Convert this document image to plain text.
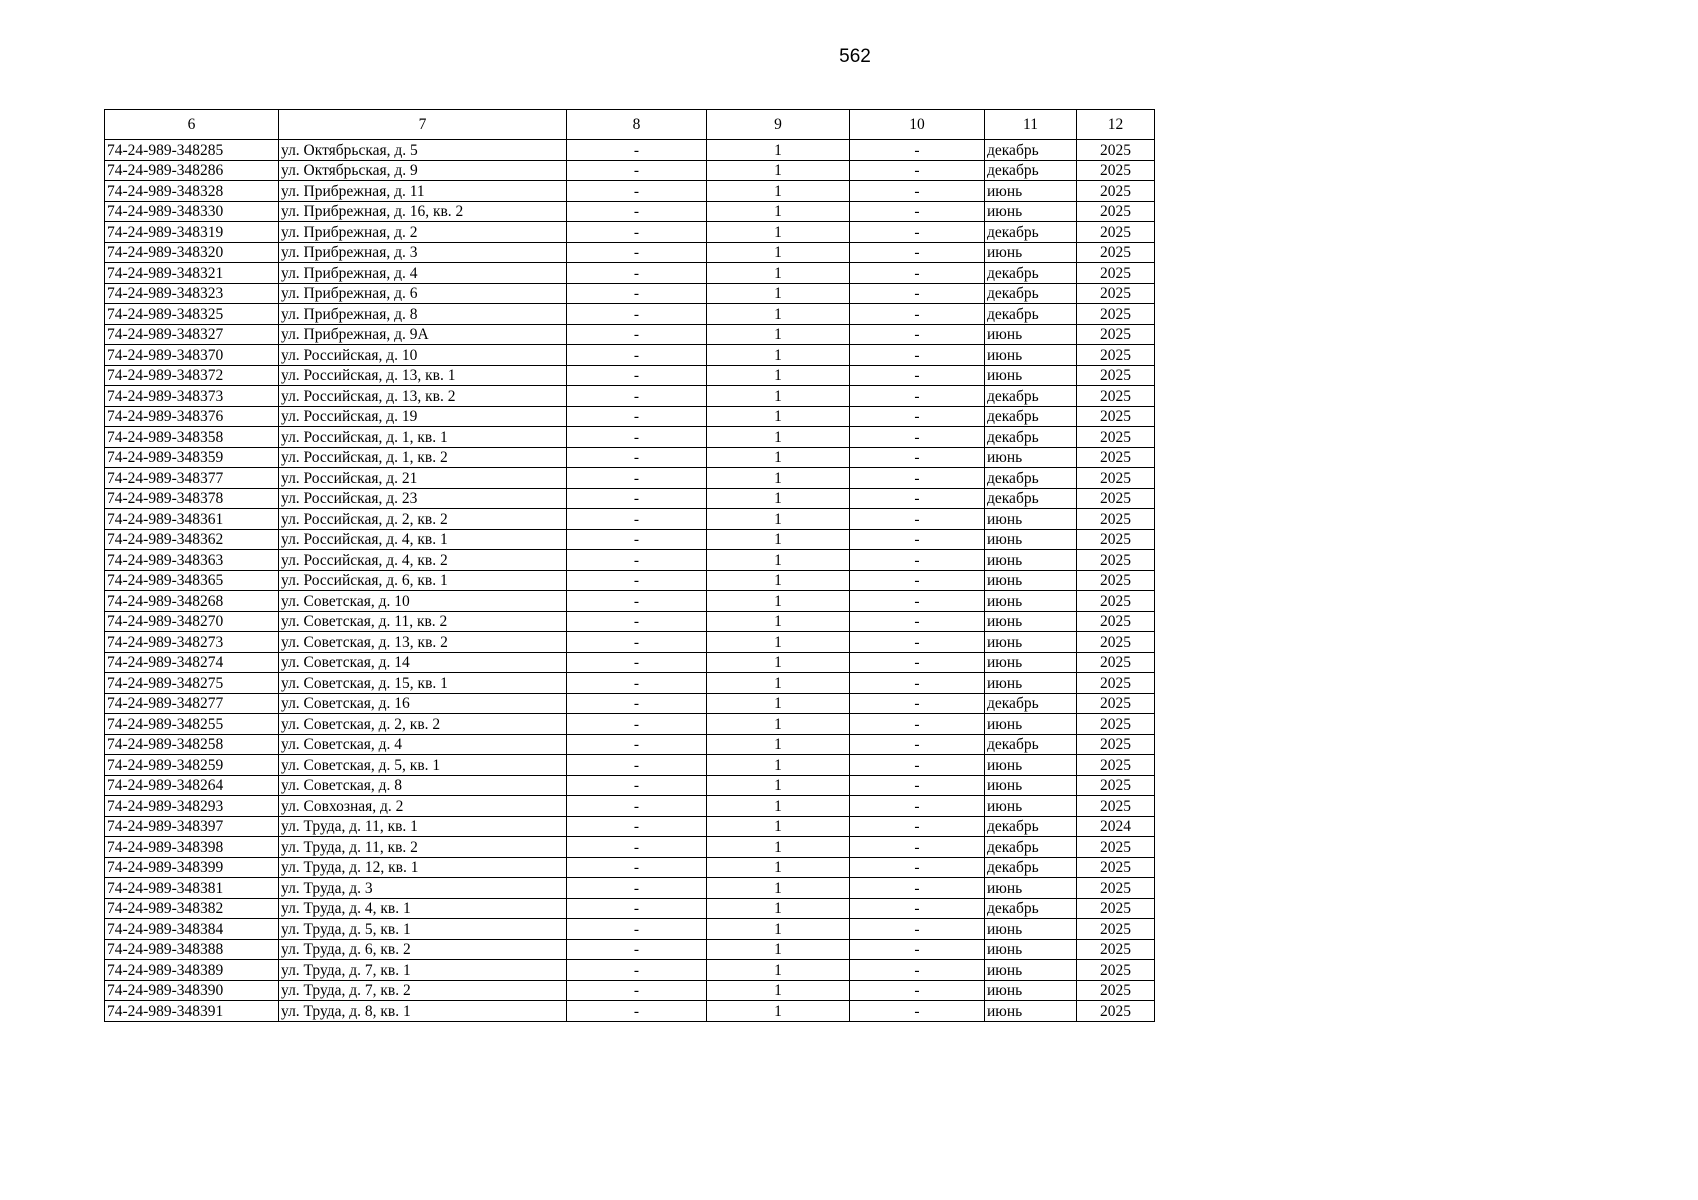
562
6	7	8	9	10	11	12
74-24-989-348285	ул. Октябрьская, д. 5	-	1	-	декабрь	2025
74-24-989-348286	ул. Октябрьская, д. 9	-	1	-	декабрь	2025
74-24-989-348328	ул. Прибрежная, д. 11	-	1	-	июнь	2025
74-24-989-348330	ул. Прибрежная, д. 16, кв. 2	-	1	-	июнь	2025
74-24-989-348319	ул. Прибрежная, д. 2	-	1	-	декабрь	2025
74-24-989-348320	ул. Прибрежная, д. 3	-	1	-	июнь	2025
74-24-989-348321	ул. Прибрежная, д. 4	-	1	-	декабрь	2025
74-24-989-348323	ул. Прибрежная, д. 6	-	1	-	декабрь	2025
74-24-989-348325	ул. Прибрежная, д. 8	-	1	-	декабрь	2025
74-24-989-348327	ул. Прибрежная, д. 9А	-	1	-	июнь	2025
74-24-989-348370	ул. Российская, д. 10	-	1	-	июнь	2025
74-24-989-348372	ул. Российская, д. 13, кв. 1	-	1	-	июнь	2025
74-24-989-348373	ул. Российская, д. 13, кв. 2	-	1	-	декабрь	2025
74-24-989-348376	ул. Российская, д. 19	-	1	-	декабрь	2025
74-24-989-348358	ул. Российская, д. 1, кв. 1	-	1	-	декабрь	2025
74-24-989-348359	ул. Российская, д. 1, кв. 2	-	1	-	июнь	2025
74-24-989-348377	ул. Российская, д. 21	-	1	-	декабрь	2025
74-24-989-348378	ул. Российская, д. 23	-	1	-	декабрь	2025
74-24-989-348361	ул. Российская, д. 2, кв. 2	-	1	-	июнь	2025
74-24-989-348362	ул. Российская, д. 4, кв. 1	-	1	-	июнь	2025
74-24-989-348363	ул. Российская, д. 4, кв. 2	-	1	-	июнь	2025
74-24-989-348365	ул. Российская, д. 6, кв. 1	-	1	-	июнь	2025
74-24-989-348268	ул. Советская, д. 10	-	1	-	июнь	2025
74-24-989-348270	ул. Советская, д. 11, кв. 2	-	1	-	июнь	2025
74-24-989-348273	ул. Советская, д. 13, кв. 2	-	1	-	июнь	2025
74-24-989-348274	ул. Советская, д. 14	-	1	-	июнь	2025
74-24-989-348275	ул. Советская, д. 15, кв. 1	-	1	-	июнь	2025
74-24-989-348277	ул. Советская, д. 16	-	1	-	декабрь	2025
74-24-989-348255	ул. Советская, д. 2, кв. 2	-	1	-	июнь	2025
74-24-989-348258	ул. Советская, д. 4	-	1	-	декабрь	2025
74-24-989-348259	ул. Советская, д. 5, кв. 1	-	1	-	июнь	2025
74-24-989-348264	ул. Советская, д. 8	-	1	-	июнь	2025
74-24-989-348293	ул. Совхозная, д. 2	-	1	-	июнь	2025
74-24-989-348397	ул. Труда, д. 11, кв. 1	-	1	-	декабрь	2024
74-24-989-348398	ул. Труда, д. 11, кв. 2	-	1	-	декабрь	2025
74-24-989-348399	ул. Труда, д. 12, кв. 1	-	1	-	декабрь	2025
74-24-989-348381	ул. Труда, д. 3	-	1	-	июнь	2025
74-24-989-348382	ул. Труда, д. 4, кв. 1	-	1	-	декабрь	2025
74-24-989-348384	ул. Труда, д. 5, кв. 1	-	1	-	июнь	2025
74-24-989-348388	ул. Труда, д. 6, кв. 2	-	1	-	июнь	2025
74-24-989-348389	ул. Труда, д. 7, кв. 1	-	1	-	июнь	2025
74-24-989-348390	ул. Труда, д. 7, кв. 2	-	1	-	июнь	2025
74-24-989-348391	ул. Труда, д. 8, кв. 1	-	1	-	июнь	2025
